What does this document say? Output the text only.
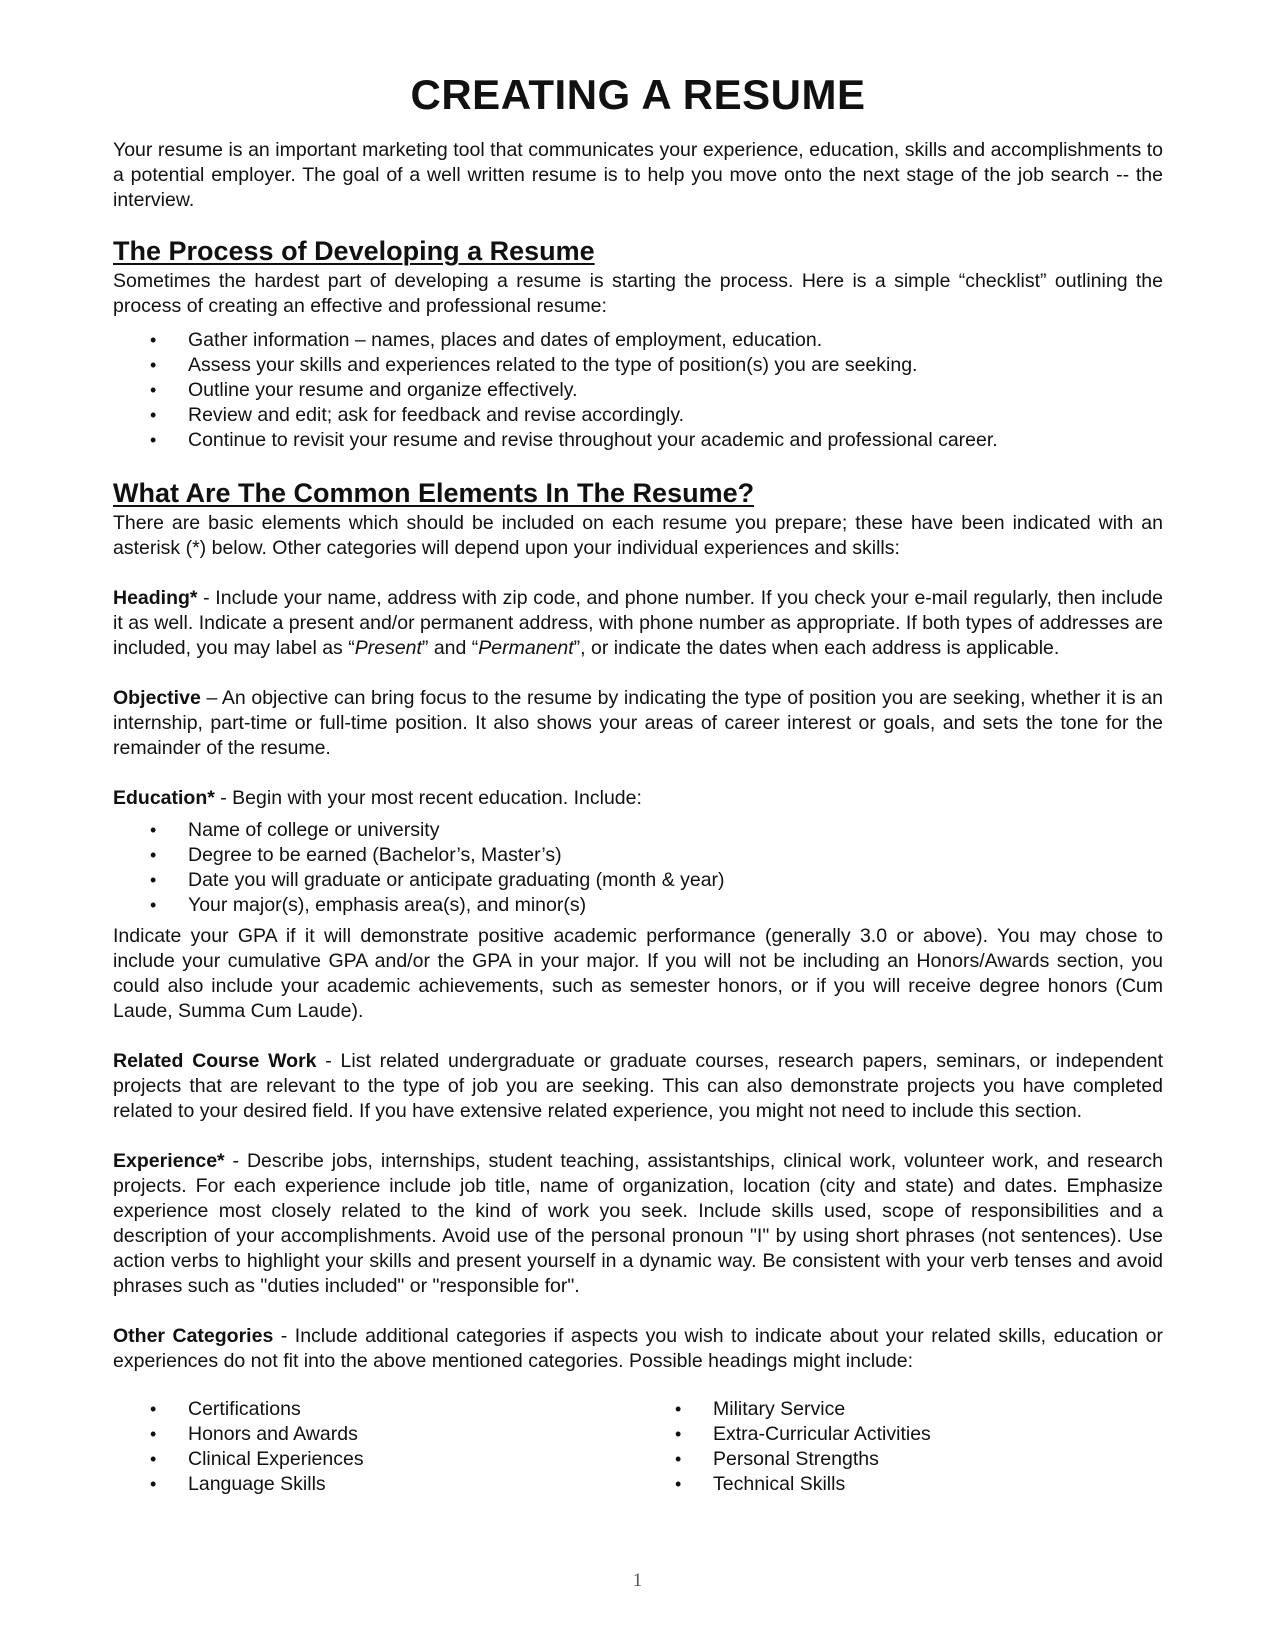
CREATING A RESUME

Your resume is an important marketing tool that communicates your experience, education, skills and accomplishments to a potential employer. The goal of a well written resume is to help you move onto the next stage of the job search -- the interview.

The Process of Developing a Resume

Sometimes the hardest part of developing a resume is starting the process. Here is a simple “checklist” outlining the process of creating an effective and professional resume:

• Gather information – names, places and dates of employment, education.
• Assess your skills and experiences related to the type of position(s) you are seeking.
• Outline your resume and organize effectively.
• Review and edit; ask for feedback and revise accordingly.
• Continue to revisit your resume and revise throughout your academic and professional career.
What Are The Common Elements In The Resume?

There are basic elements which should be included on each resume you prepare; these have been indicated with an asterisk (*) below. Other categories will depend upon your individual experiences and skills:

Heading* - Include your name, address with zip code, and phone number. If you check your e-mail regularly, then include it as well. Indicate a present and/or permanent address, with phone number as appropriate. If both types of addresses are included, you may label as “Present” and “Permanent”, or indicate the dates when each address is applicable.

Objective – An objective can bring focus to the resume by indicating the type of position you are seeking, whether it is an internship, part-time or full-time position. It also shows your areas of career interest or goals, and sets the tone for the remainder of the resume.

Education* - Begin with your most recent education. Include:

• Name of college or university
• Degree to be earned (Bachelor’s, Master’s)
• Date you will graduate or anticipate graduating (month & year)
• Your major(s), emphasis area(s), and minor(s)

Indicate your GPA if it will demonstrate positive academic performance (generally 3.0 or above). You may chose to include your cumulative GPA and/or the GPA in your major. If you will not be including an Honors/Awards section, you could also include your academic achievements, such as semester honors, or if you will receive degree honors (Cum Laude, Summa Cum Laude).

Related Course Work - List related undergraduate or graduate courses, research papers, seminars, or independent projects that are relevant to the type of job you are seeking. This can also demonstrate projects you have completed related to your desired field. If you have extensive related experience, you might not need to include this section.

Experience* - Describe jobs, internships, student teaching, assistantships, clinical work, volunteer work, and research projects. For each experience include job title, name of organization, location (city and state) and dates. Emphasize experience most closely related to the kind of work you seek. Include skills used, scope of responsibilities and a description of your accomplishments. Avoid use of the personal pronoun "I" by using short phrases (not sentences). Use action verbs to highlight your skills and present yourself in a dynamic way. Be consistent with your verb tenses and avoid phrases such as "duties included" or "responsible for".

Other Categories - Include additional categories if aspects you wish to indicate about your related skills, education or experiences do not fit into the above mentioned categories. Possible headings might include:

• Certifications
• Honors and Awards
• Clinical Experiences
• Language Skills
• Military Service
• Extra-Curricular Activities
• Personal Strengths
• Technical Skills
1
